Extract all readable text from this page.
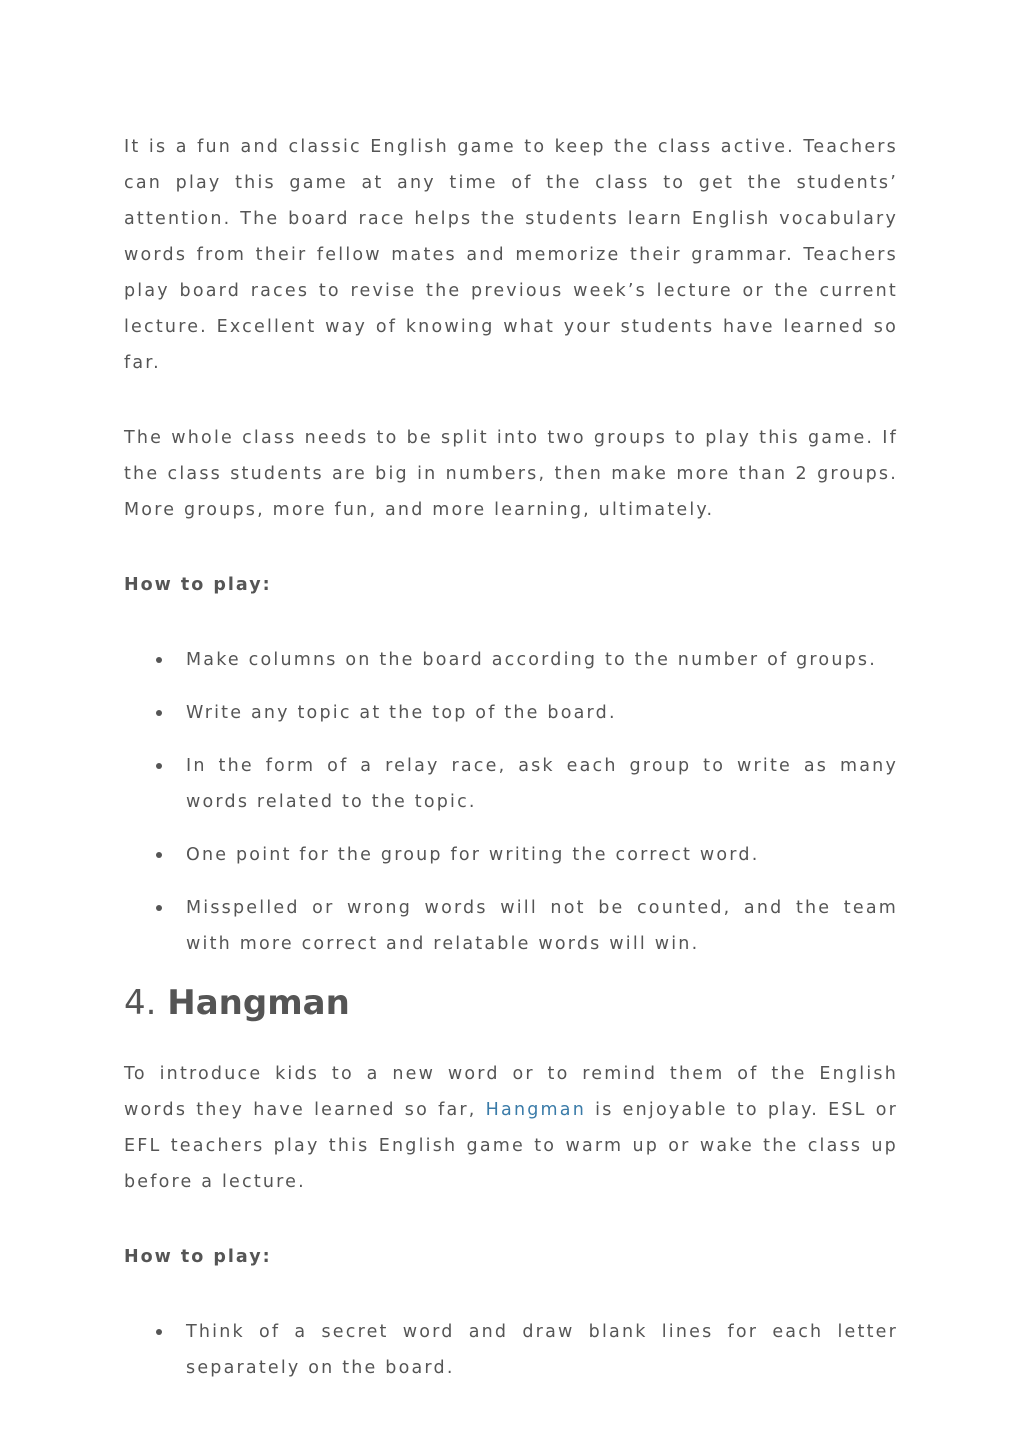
It is a fun and classic English game to keep the class active. Teachers can play this game at any time of the class to get the students’ attention. The board race helps the students learn English vocabulary words from their fellow mates and memorize their grammar. Teachers play board races to revise the previous week’s lecture or the current lecture. Excellent way of knowing what your students have learned so far.

The whole class needs to be split into two groups to play this game. If the class students are big in numbers, then make more than 2 groups. More groups, more fun, and more learning, ultimately.

How to play:
Make columns on the board according to the number of groups.
Write any topic at the top of the board.
In the form of a relay race, ask each group to write as many words related to the topic.
One point for the group for writing the correct word.
Misspelled or wrong words will not be counted, and the team with more correct and relatable words will win.
4. Hangman

To introduce kids to a new word or to remind them of the English words they have learned so far, Hangman is enjoyable to play. ESL or EFL teachers play this English game to warm up or wake the class up before a lecture.

How to play:
Think of a secret word and draw blank lines for each letter separately on the board.
